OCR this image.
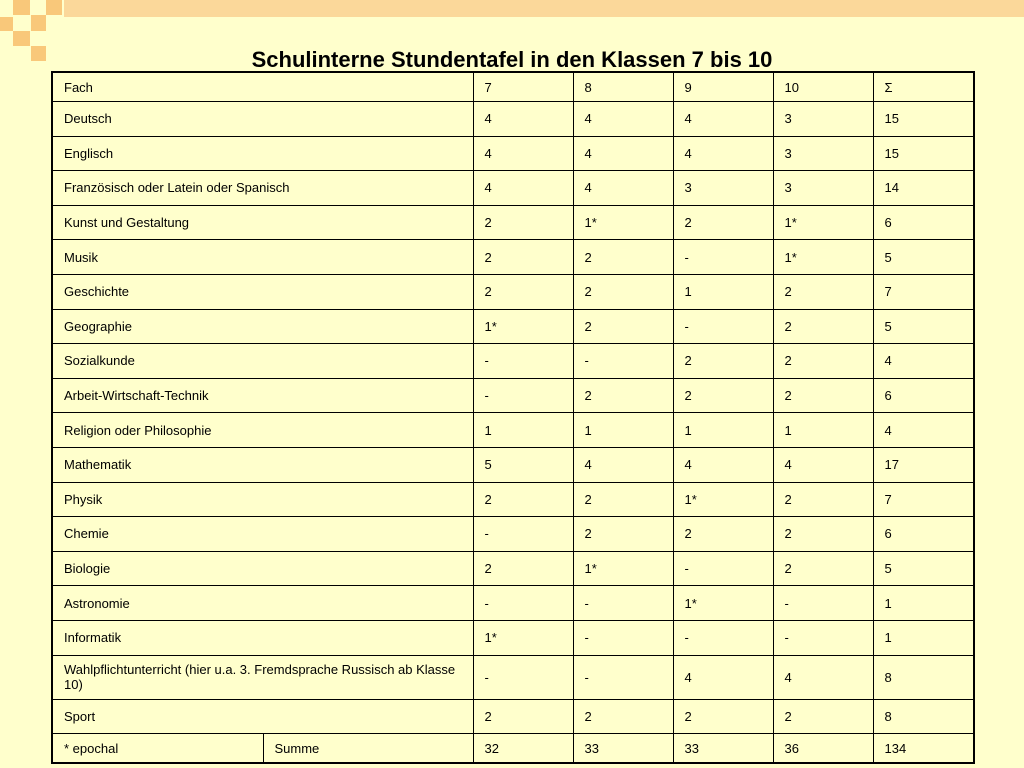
Schulinterne Stundentafel in den Klassen 7 bis 10
Fach		7	8	9	10	Σ
Deutsch		4	4	4	3	15
Englisch		4	4	4	3	15
Französisch oder Latein oder Spanisch		4	4	3	3	14
Kunst und Gestaltung		2	1*	2	1*	6
Musik		2	2	-	1*	5
Geschichte		2	2	1	2	7
Geographie		1*	2	-	2	5
Sozialkunde		-	-	2	2	4
Arbeit-Wirtschaft-Technik		-	2	2	2	6
Religion oder Philosophie		1	1	1	1	4
Mathematik		5	4	4	4	17
Physik		2	2	1*	2	7
Chemie		-	2	2	2	6
Biologie		2	1*	-	2	5
Astronomie		-	-	1*	-	1
Informatik		1*	-	-	-	1
Wahlpflichtunterricht (hier u.a. 3. Fremdsprache Russisch ab Klasse 10)		-	-	4	4	8
Sport		2	2	2	2	8
* epochal	Summe	32	33	33	36	134
